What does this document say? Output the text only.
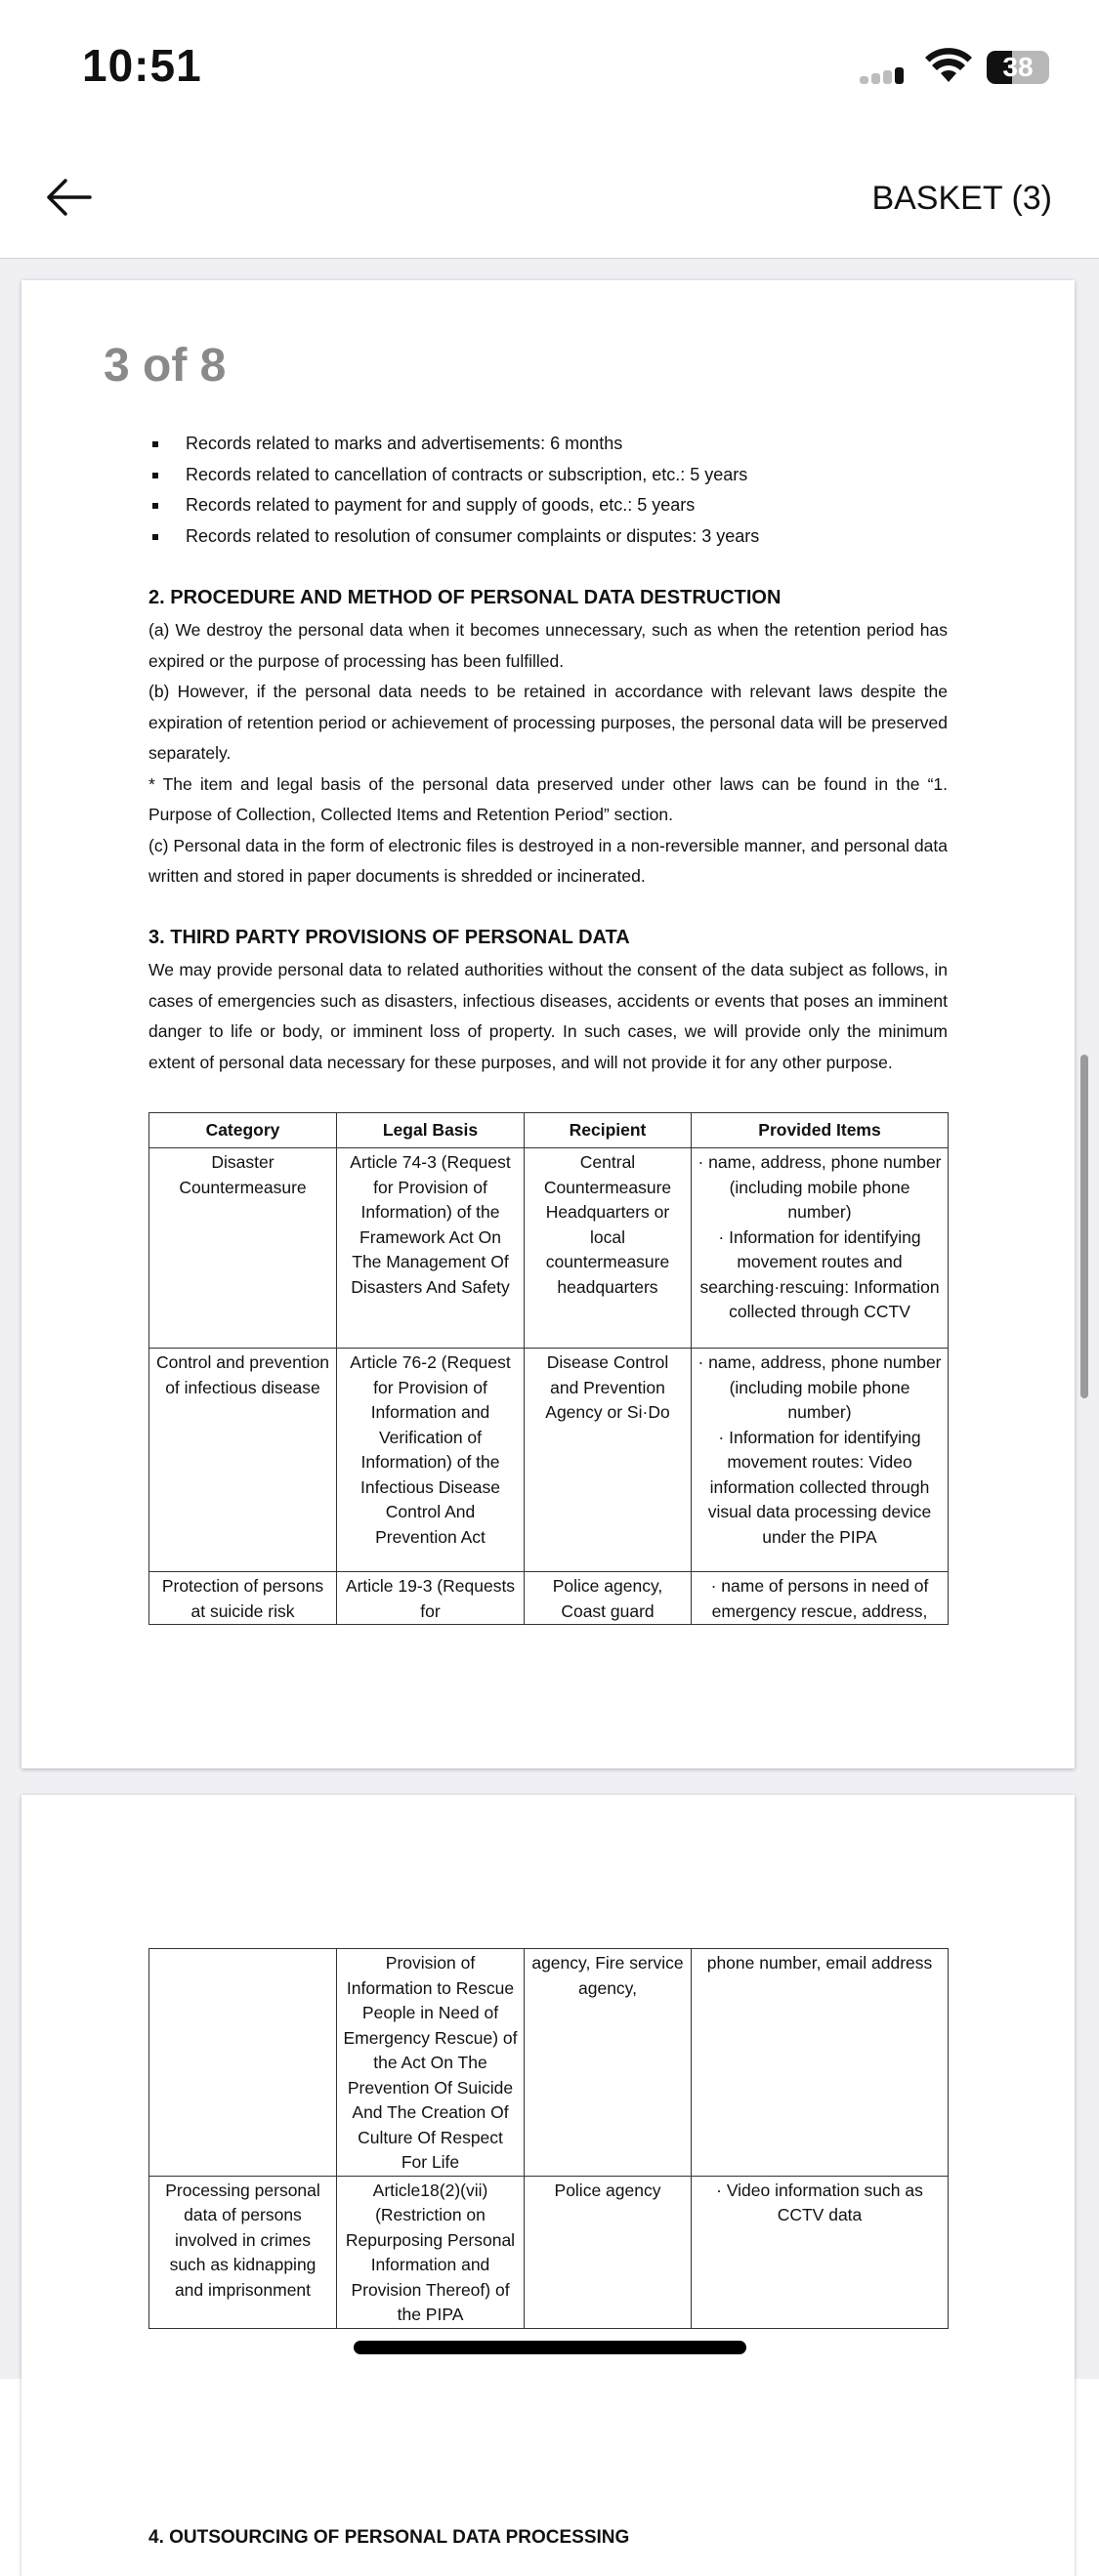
10:51	38
BASKET (3)
3 of 8
Records related to marks and advertisements: 6 months
Records related to cancellation of contracts or subscription, etc.: 5 years
Records related to payment for and supply of goods, etc.: 5 years
Records related to resolution of consumer complaints or disputes: 3 years
2. PROCEDURE AND METHOD OF PERSONAL DATA DESTRUCTION

(a) We destroy the personal data when it becomes unnecessary, such as when the retention period has expired or the purpose of processing has been fulfilled.

(b) However, if the personal data needs to be retained in accordance with relevant laws despite the expiration of retention period or achievement of processing purposes, the personal data will be preserved separately.

* The item and legal basis of the personal data preserved under other laws can be found in the “1. Purpose of Collection, Collected Items and Retention Period” section.

(c) Personal data in the form of electronic files is destroyed in a non-reversible manner, and personal data written and stored in paper documents is shredded or incinerated.

3. THIRD PARTY PROVISIONS OF PERSONAL DATA

We may provide personal data to related authorities without the consent of the data subject as follows, in cases of emergencies such as disasters, infectious diseases, accidents or events that poses an imminent danger to life or body, or imminent loss of property. In such cases, we will provide only the minimum extent of personal data necessary for these purposes, and will not provide it for any other purpose.

Category	Legal Basis	Recipient	Provided Items
Disaster Countermeasure	Article 74-3 (Request for Provision of Information) of the Framework Act On The Management Of Disasters And Safety	Central Countermeasure Headquarters or local countermeasure headquarters	· name, address, phone number (including mobile phone number)
· Information for identifying movement routes and searching·rescuing: Information collected through CCTV

Control and prevention of infectious disease	Article 76-2 (Request for Provision of Information and Verification of Information) of the Infectious Disease Control And Prevention Act	Disease Control and Prevention Agency or Si·Do	· name, address, phone number (including mobile phone number)
· Information for identifying movement routes: Video information collected through visual data processing device under the PIPA

Protection of persons at suicide risk	Article 19-3 (Requests for	Police agency, Coast guard	· name of persons in need of emergency rescue, address,
	Provision of Information to Rescue People in Need of Emergency Rescue) of the Act On The Prevention Of Suicide And The Creation Of Culture Of Respect For Life	agency, Fire service agency,	phone number, email address
Processing personal data of persons involved in crimes such as kidnapping and imprisonment	Article18(2)(vii) (Restriction on Repurposing Personal Information and Provision Thereof) of the PIPA	Police agency	· Video information such as CCTV data
4. OUTSOURCING OF PERSONAL DATA PROCESSING
